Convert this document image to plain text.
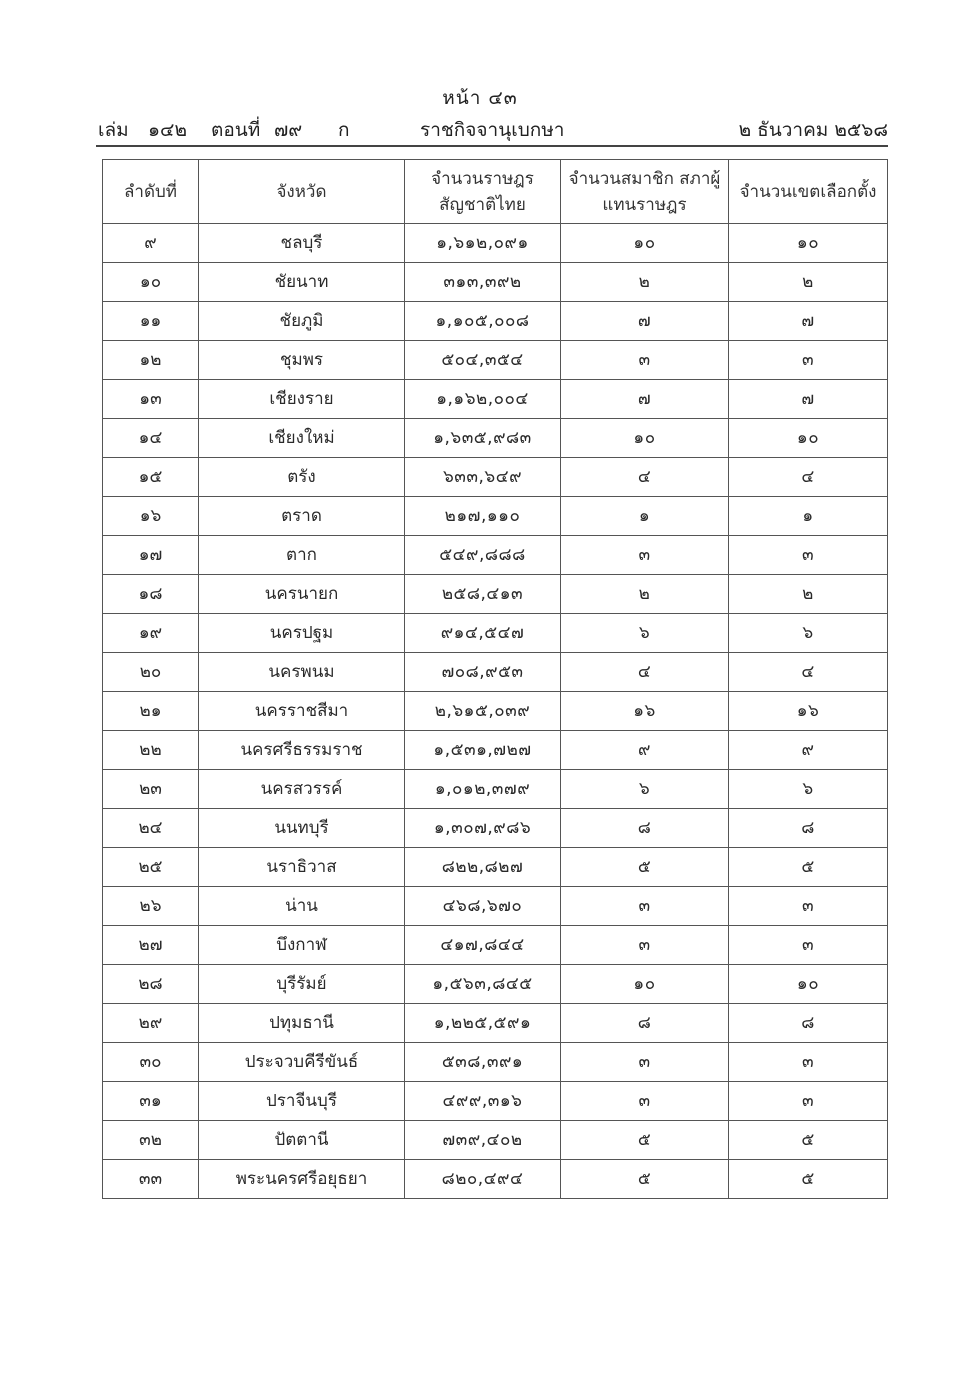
หน้า ๔๓
เล่ม ๑๔๒ ตอนที่ ๗๙ ก	ราชกิจจานุเบกษา	๒ ธันวาคม ๒๕๖๘
ลำดับที่	จังหวัด	จำนวนราษฎร สัญชาติไทย	จำนวนสมาชิก สภาผู้แทนราษฎร	จำนวนเขตเลือกตั้ง
๙	ชลบุรี	๑,๖๑๒,๐๙๑	๑๐	๑๐
๑๐	ชัยนาท	๓๑๓,๓๙๒	๒	๒
๑๑	ชัยภูมิ	๑,๑๐๕,๐๐๘	๗	๗
๑๒	ชุมพร	๕๐๔,๓๕๔	๓	๓
๑๓	เชียงราย	๑,๑๖๒,๐๐๔	๗	๗
๑๔	เชียงใหม่	๑,๖๓๕,๙๘๓	๑๐	๑๐
๑๕	ตรัง	๖๓๓,๖๔๙	๔	๔
๑๖	ตราด	๒๑๗,๑๑๐	๑	๑
๑๗	ตาก	๕๔๙,๘๘๘	๓	๓
๑๘	นครนายก	๒๕๘,๔๑๓	๒	๒
๑๙	นครปฐม	๙๑๔,๕๔๗	๖	๖
๒๐	นครพนม	๗๐๘,๙๕๓	๔	๔
๒๑	นครราชสีมา	๒,๖๑๕,๐๓๙	๑๖	๑๖
๒๒	นครศรีธรรมราช	๑,๕๓๑,๗๒๗	๙	๙
๒๓	นครสวรรค์	๑,๐๑๒,๓๗๙	๖	๖
๒๔	นนทบุรี	๑,๓๐๗,๙๘๖	๘	๘
๒๕	นราธิวาส	๘๒๒,๘๒๗	๕	๕
๒๖	น่าน	๔๖๘,๖๗๐	๓	๓
๒๗	บึงกาฬ	๔๑๗,๘๔๔	๓	๓
๒๘	บุรีรัมย์	๑,๕๖๓,๘๔๕	๑๐	๑๐
๒๙	ปทุมธานี	๑,๒๒๕,๕๙๑	๘	๘
๓๐	ประจวบคีรีขันธ์	๕๓๘,๓๙๑	๓	๓
๓๑	ปราจีนบุรี	๔๙๙,๓๑๖	๓	๓
๓๒	ปัตตานี	๗๓๙,๔๐๒	๕	๕
๓๓	พระนครศรีอยุธยา	๘๒๐,๔๙๔	๕	๕
